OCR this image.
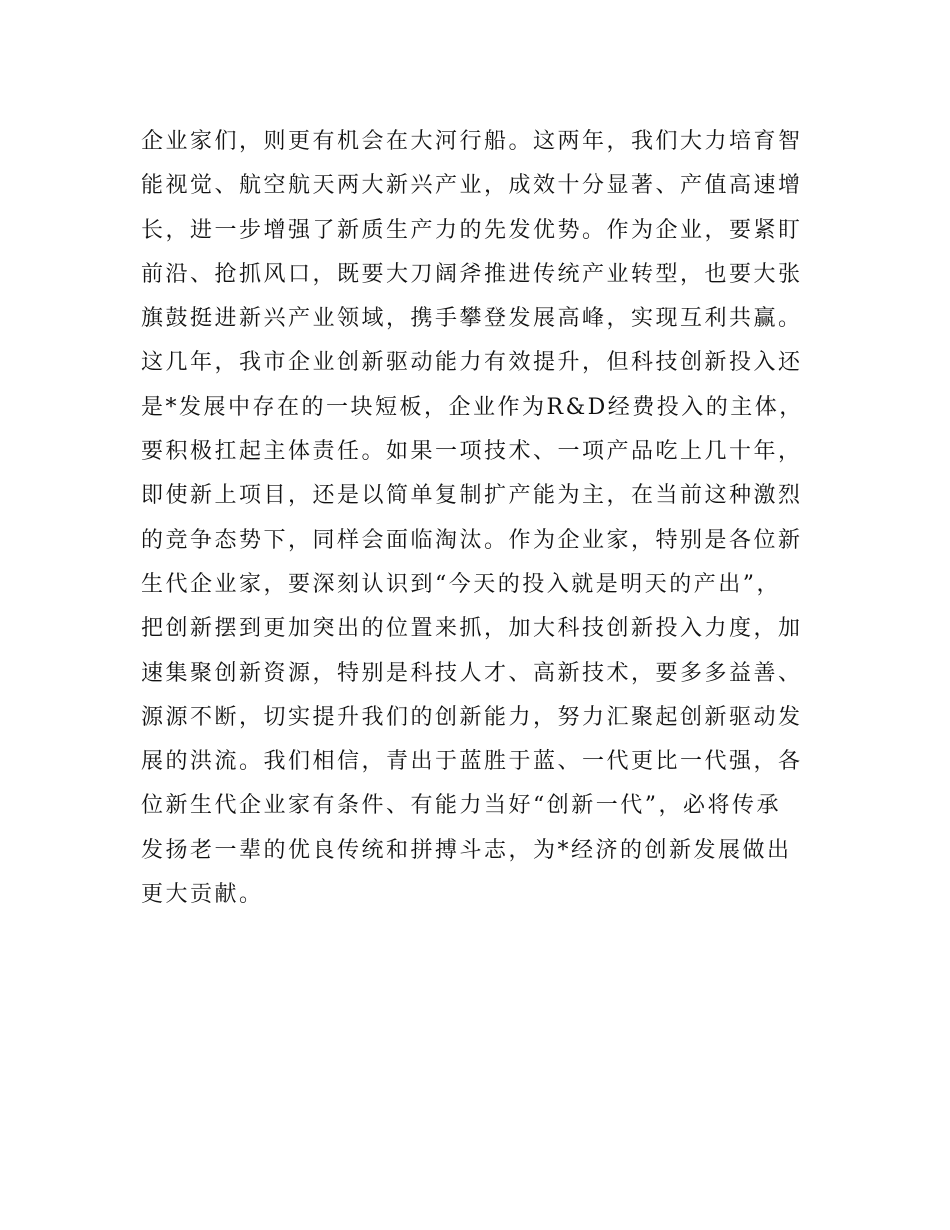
企业家们，则更有机会在大河行船。这两年，我们大力培育智
能视觉、航空航天两大新兴产业，成效十分显著、产值高速增
长，进一步增强了新质生产力的先发优势。作为企业，要紧盯
前沿、抢抓风口，既要大刀阔斧推进传统产业转型，也要大张
旗鼓挺进新兴产业领域，携手攀登发展高峰，实现互利共赢。
这几年，我市企业创新驱动能力有效提升，但科技创新投入还
是*发展中存在的一块短板，企业作为R&D经费投入的主体，
要积极扛起主体责任。如果一项技术、一项产品吃上几十年，
即使新上项目，还是以简单复制扩产能为主，在当前这种激烈
的竞争态势下，同样会面临淘汰。作为企业家，特别是各位新
生代企业家，要深刻认识到“今天的投入就是明天的产出”，
把创新摆到更加突出的位置来抓，加大科技创新投入力度，加
速集聚创新资源，特别是科技人才、高新技术，要多多益善、
源源不断，切实提升我们的创新能力，努力汇聚起创新驱动发
展的洪流。我们相信，青出于蓝胜于蓝、一代更比一代强，各
位新生代企业家有条件、有能力当好“创新一代”，必将传承
发扬老一辈的优良传统和拼搏斗志，为*经济的创新发展做出
更大贡献。
